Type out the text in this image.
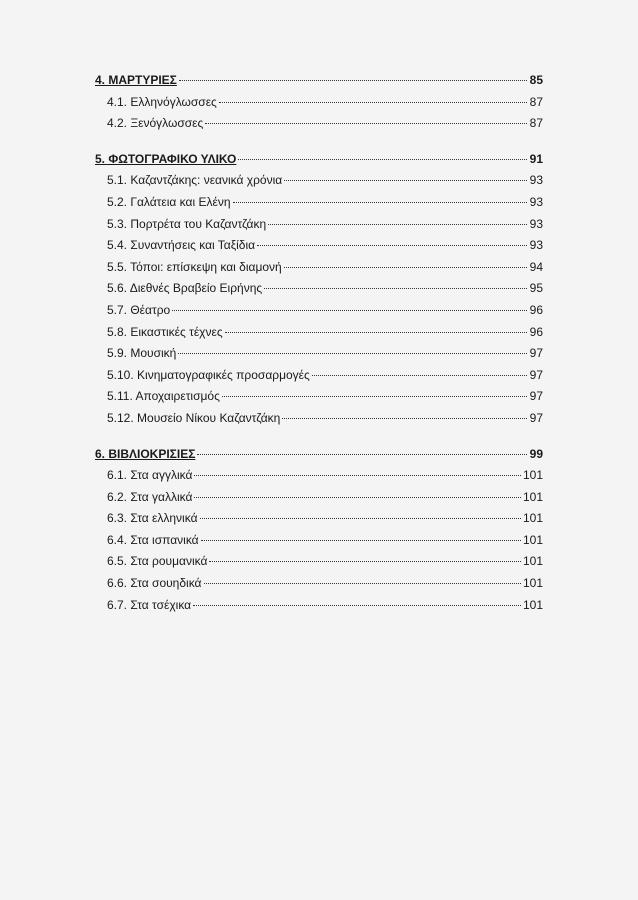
4. ΜΑΡΤΥΡΙΕΣ	85
4.1. Ελληνόγλωσσες	87
4.2. Ξενόγλωσσες	87
5. ΦΩΤΟΓΡΑΦΙΚΟ ΥΛΙΚΟ	91
5.1. Καζαντζάκης: νεανικά χρόνια	93
5.2. Γαλάτεια και Ελένη	93
5.3. Πορτρέτα του Καζαντζάκη	93
5.4. Συναντήσεις και Ταξίδια	93
5.5. Τόποι: επίσκεψη και διαμονή	94
5.6. Διεθνές Βραβείο Ειρήνης	95
5.7. Θέατρο	96
5.8. Εικαστικές τέχνες	96
5.9. Μουσική	97
5.10. Κινηματογραφικές προσαρμογές	97
5.11. Αποχαιρετισμός	97
5.12. Μουσείο Νίκου Καζαντζάκη	97
6. ΒΙΒΛΙΟΚΡΙΣΙΕΣ	99
6.1. Στα αγγλικά	101
6.2. Στα γαλλικά	101
6.3. Στα ελληνικά	101
6.4. Στα ισπανικά	101
6.5. Στα ρουμανικά	101
6.6. Στα σουηδικά	101
6.7. Στα τσέχικα	101
